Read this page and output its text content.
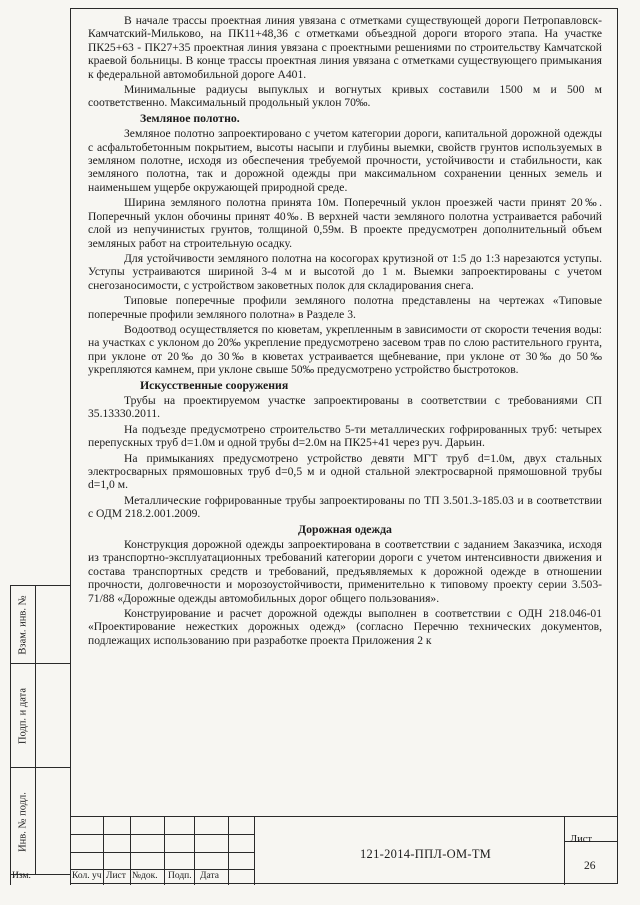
В начале трассы проектная линия увязана с отметками существующей дороги Петропавловск-Камчатский-Мильково, на ПК11+48,36 с отметками объездной дороги второго этапа. На участке ПК25+63 - ПК27+35 проектная линия увязана с проектными решениями по строительству Камчатской краевой больницы. В конце трассы проектная линия увязана с отметками существующего примыкания к федеральной автомобильной дороге А401.

Минимальные радиусы выпуклых и вогнутых кривых составили 1500 м и 500 м соответственно. Максимальный продольный уклон 70‰.

Земляное полотно.

Земляное полотно запроектировано с учетом категории дороги, капитальной дорожной одежды с асфальтобетонным покрытием, высоты насыпи и глубины выемки, свойств грунтов используемых в земляном полотне, исходя из обеспечения требуемой прочности, устойчивости и стабильности, как земляного полотна, так и дорожной одежды при максимальном сохранении ценных земель и наименьшем ущербе окружающей природной среде.

Ширина земляного полотна принята 10м. Поперечный уклон проезжей части принят 20‰. Поперечный уклон обочины принят 40‰. В верхней части земляного полотна устраивается рабочий слой из непучинистых грунтов, толщиной 0,59м. В проекте предусмотрен дополнительный объем земляных работ на строительную осадку.

Для устойчивости земляного полотна на косогорах крутизной от 1:5 до 1:3 нарезаются уступы. Уступы устраиваются шириной 3-4 м и высотой до 1 м. Выемки запроектированы с учетом снегозаносимости, с устройством заковетных полок для складирования снега.

Типовые поперечные профили земляного полотна представлены на чертежах «Типовые поперечные профили земляного полотна» в Разделе 3.

Водоотвод осуществляется по кюветам, укрепленным в зависимости от скорости течения воды: на участках с уклоном до 20‰ укрепление предусмотрено засевом трав по слою растительного грунта, при уклоне от 20‰ до 30‰ в кюветах устраивается щебневание, при уклоне от 30‰ до 50‰ укрепляются камнем, при уклоне свыше 50‰ предусмотрено устройство быстротоков.

Искусственные сооружения

Трубы на проектируемом участке запроектированы в соответствии с требованиями СП 35.13330.2011.

На подъезде предусмотрено строительство 5-ти металлических гофрированных труб: четырех перепускных труб d=1.0м и одной трубы d=2.0м на ПК25+41 через руч. Дарьин.

На примыканиях предусмотрено устройство девяти МГТ труб d=1.0м, двух стальных электросварных прямошовных труб d=0,5 м и одной стальной электросварной прямошовной трубы d=1,0 м.

Металлические гофрированные трубы запроектированы по ТП 3.501.3-185.03 и в соответствии с ОДМ 218.2.001.2009.

Дорожная одежда

Конструкция дорожной одежды запроектирована в соответствии с заданием Заказчика, исходя из транспортно-эксплуатационных требований категории дороги с учетом интенсивности движения и состава транспортных средств и требований, предъявляемых к дорожной одежде в отношении прочности, долговечности и морозоустойчивости, применительно к типовому проекту серии 3.503-71/88 «Дорожные одежды автомобильных дорог общего пользования».

Конструирование и расчет дорожной одежды выполнен в соответствии с ОДН 218.046-01 «Проектирование нежестких дорожных одежд» (согласно Перечню технических документов, подлежащих использованию при разработке проекта Приложения 2 к

Взам. инв. №
Подп. и дата
Инв. № подл.
Изм.	Кол. уч Лист №док. Подп. Дата
121-2014-ППЛ-ОМ-ТМ
Лист
26
